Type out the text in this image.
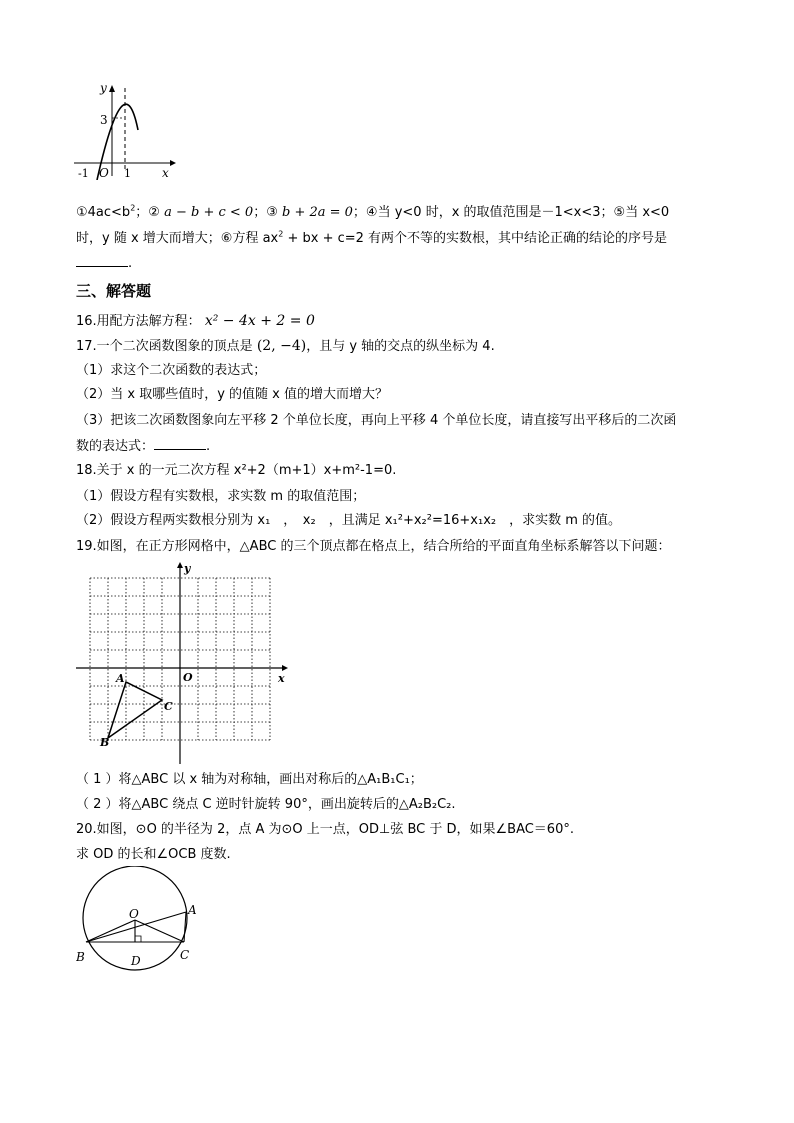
y
x
3
-1 O 1
$①4ac<b^2$；② a − b + c < 0；③ b + 2a = 0；④当 y<0 时，x 的取值范围是－1<x<3；⑤当 x<0
时，y 随 x 增大而增大；⑥方程 $ax^2$ + bx + c=2 有两个不等的实数根，其中结论正确的结论的序号是
.
三、解答题
16.用配方法解方程： x² − 4x + 2 = 0
17.一个二次函数图象的顶点是 (2, −4)，且与 y 轴的交点的纵坐标为 4.
（1）求这个二次函数的表达式；
（2）当 x 取哪些值时，y 的值随 x 值的增大而增大？
（3）把该二次函数图象向左平移 2 个单位长度，再向上平移 4 个单位长度，请直接写出平移后的二次函
数的表达式：	.
18.关于 x 的一元二次方程 x²+2（m+1）x+m²-1=0.
（1）假设方程有实数根，求实数 m 的取值范围；
（2）假设方程两实数根分别为 x₁　，　x₂　，且满足 x₁²+x₂²=16+x₁x₂　，求实数 m 的值。
19.如图，在正方形网格中，△ABC 的三个顶点都在格点上，结合所给的平面直角坐标系解答以下问题：
y
x
O
A
B
C
（ 1 ）将△ABC 以 x 轴为对称轴，画出对称后的△A₁B₁C₁；
（ 2 ）将△ABC 绕点 C 逆时针旋转 90°，画出旋转后的△A₂B₂C₂.
20.如图，⊙O 的半径为 2，点 A 为⊙O 上一点，OD⊥弦 BC 于 D，如果∠BAC＝60°.
求 OD 的长和∠OCB 度数.
O	A
B	C
D
